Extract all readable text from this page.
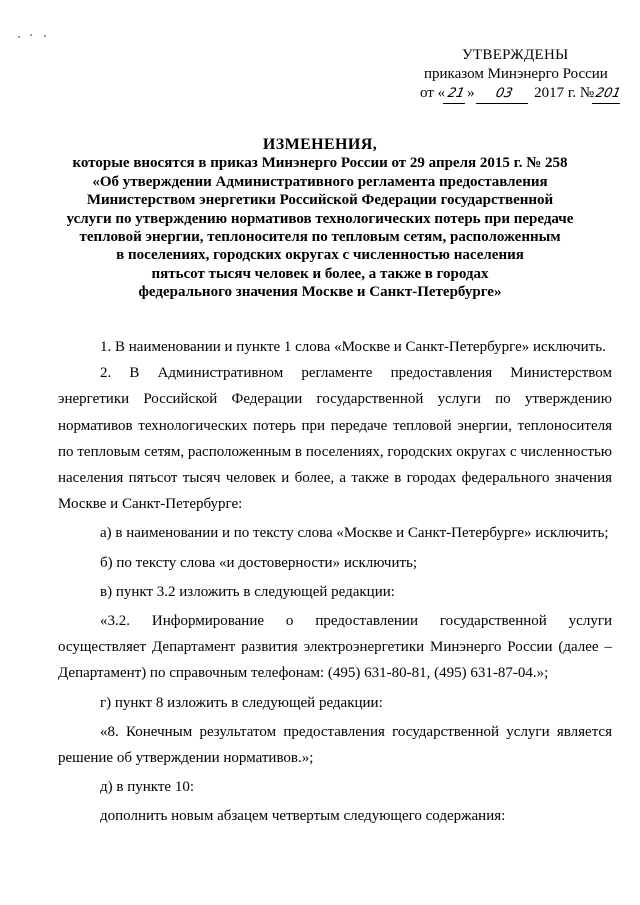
УТВЕРЖДЕНЫ
приказом Минэнерго России
от «21» 03 2017 г. №201
ИЗМЕНЕНИЯ,
которые вносятся в приказ Минэнерго России от 29 апреля 2015 г. № 258
«Об утверждении Административного регламента предоставления
Министерством энергетики Российской Федерации государственной
услуги по утверждению нормативов технологических потерь при передаче
тепловой энергии, теплоносителя по тепловым сетям, расположенным
в поселениях, городских округах с численностью населения
пятьсот тысяч человек и более, а также в городах
федерального значения Москве и Санкт-Петербурге»

1. В наименовании и пункте 1 слова «Москве и Санкт-Петербурге» исключить.

2. В Административном регламенте предоставления Министерством энергетики Российской Федерации государственной услуги по утверждению нормативов технологических потерь при передаче тепловой энергии, теплоносителя по тепловым сетям, расположенным в поселениях, городских округах с численностью населения пятьсот тысяч человек и более, а также в городах федерального значения Москве и Санкт-Петербурге:

а) в наименовании и по тексту слова «Москве и Санкт-Петербурге» исключить;

б) по тексту слова «и достоверности» исключить;

в) пункт 3.2 изложить в следующей редакции:

«3.2. Информирование о предоставлении государственной услуги осуществляет Департамент развития электроэнергетики Минэнерго России (далее – Департамент) по справочным телефонам: (495) 631-80-81, (495) 631-87-04.»;

г) пункт 8 изложить в следующей редакции:

«8. Конечным результатом предоставления государственной услуги является решение об утверждении нормативов.»;

д) в пункте 10:

дополнить новым абзацем четвертым следующего содержания:
